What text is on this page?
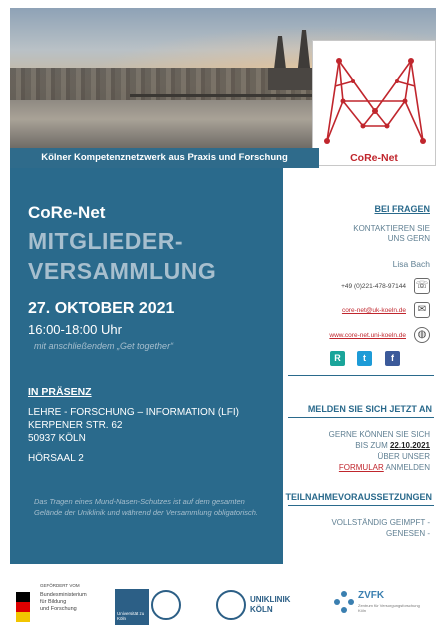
CoRe-Net
Kölner Kompetenznetzwerk aus Praxis und Forschung
CoRe-Net
MITGLIEDER-
VERSAMMLUNG
27. OKTOBER 2021
16:00-18:00 Uhr
mit anschließendem „Get together“
IN PRÄSENZ
LEHRE - FORSCHUNG – INFORMATION (LFI)
KERPENER STR. 62
50937 KÖLN
HÖRSAAL 2
Das Tragen eines Mund-Nasen-Schutzes ist auf dem gesamten Gelände der Uniklinik und während der Versammlung obligatorisch.
BEI FRAGEN
KONTAKTIEREN SIE
UNS GERN
Lisa Bach
+49 (0)221-478-97144 ☏
core-net@uk-koeln.de	✉
www.core-net.uni-koeln.de	◍
R	t	f
MELDEN SIE SICH JETZT AN
GERNE KÖNNEN SIE SICH
BIS ZUM 22.10.2021
ÜBER UNSER
FORMULAR ANMELDEN
TEILNAHMEVORAUSSETZUNGEN
VOLLSTÄNDIG GEIMPFT -
GENESEN -
GEFÖRDERT VOM
Bundesministerium
für Bildung
und Forschung
Universität zu Köln
UNIKLINIK
KÖLN
ZVFK
Zentrum für Versorgungsforschung Köln
